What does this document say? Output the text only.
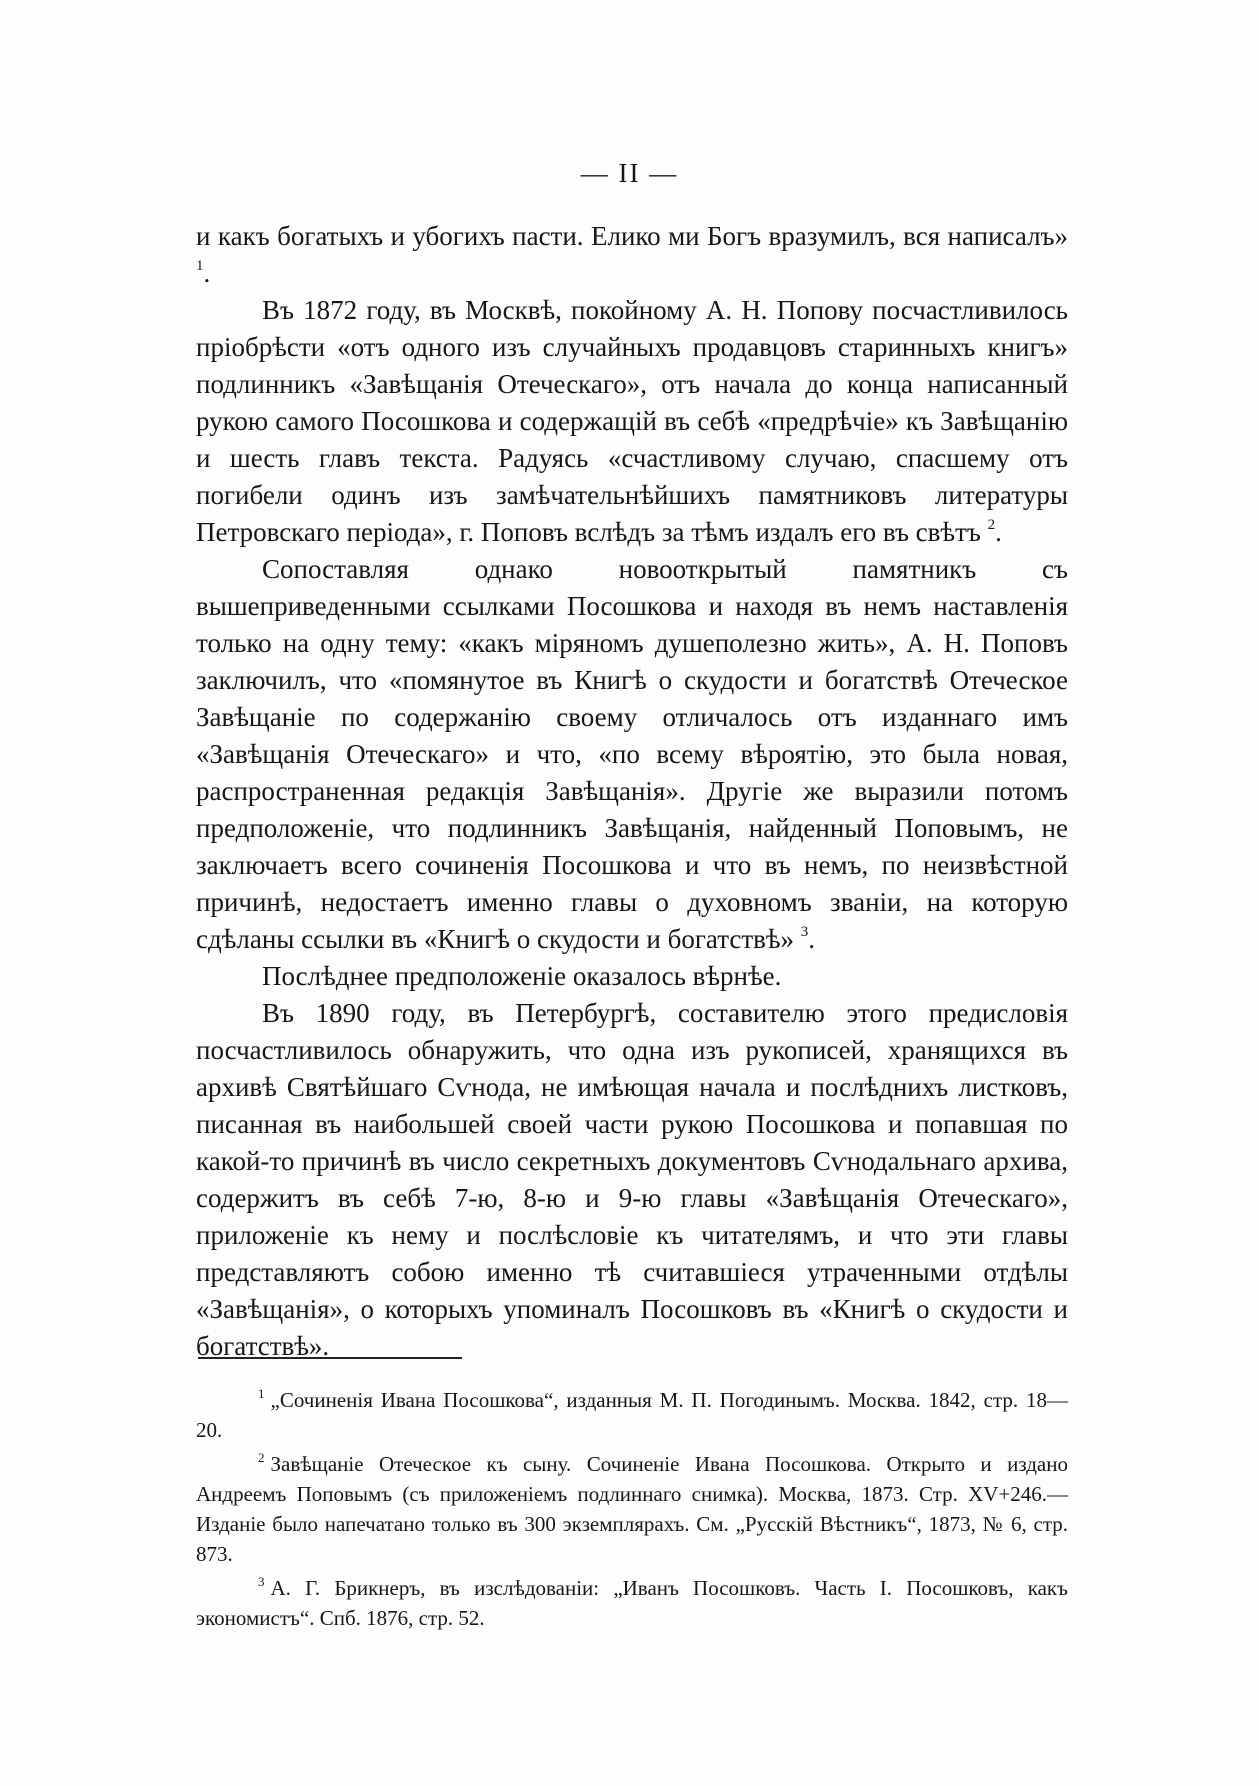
— II —

и какъ богатыхъ и убогихъ пасти. Елико ми Богъ вразумилъ, вся написалъ» $^1$.

Въ 1872 году, въ Москвѣ, покойному А. Н. Попову посчастливилось пріобрѣсти «отъ одного изъ случайныхъ продавцовъ старинныхъ книгъ» подлинникъ «Завѣщанія Отеческаго», отъ начала до конца написанный рукою самого Посошкова и содержащій въ себѣ «предрѣчіе» къ Завѣщанію и шесть главъ текста. Радуясь «счастливому случаю, спасшему отъ погибели одинъ изъ замѣчательнѣйшихъ памятниковъ литературы Петровскаго періода», г. Поповъ вслѣдъ за тѣмъ издалъ его въ свѣтъ $^2$.

Сопоставляя однако новооткрытый памятникъ съ вышеприведенными ссылками Посошкова и находя въ немъ наставленія только на одну тему: «какъ міряномъ душеполезно жить», А. Н. Поповъ заключилъ, что «помянутое въ Книгѣ о скудости и богатствѣ Отеческое Завѣщаніе по содержанію своему отличалось отъ изданнаго имъ «Завѣщанія Отеческаго» и что, «по всему вѣроятію, это была новая, распространенная редакція Завѣщанія». Другіе же выразили потомъ предположеніе, что подлинникъ Завѣщанія, найденный Поповымъ, не заключаетъ всего сочиненія Посошкова и что въ немъ, по неизвѣстной причинѣ, недостаетъ именно главы о духовномъ званіи, на которую сдѣланы ссылки въ «Книгѣ о скудости и богатствѣ» $^3$.

Послѣднее предположеніе оказалось вѣрнѣе.

Въ 1890 году, въ Петербургѣ, составителю этого предисловія посчастливилось обнаружить, что одна изъ рукописей, хранящихся въ архивѣ Святѣйшаго Сѵнода, не имѣющая начала и послѣднихъ листковъ, писанная въ наибольшей своей части рукою Посошкова и попавшая по какой-то причинѣ въ число секретныхъ документовъ Сѵнодальнаго архива, содержитъ въ себѣ 7-ю, 8-ю и 9-ю главы «Завѣщанія Отеческаго», приложеніе къ нему и послѣсловіе къ читателямъ, и что эти главы представляютъ собою именно тѣ считавшіеся утраченными отдѣлы «Завѣщанія», о которыхъ упоминалъ Посошковъ въ «Книгѣ о скудости и богатствѣ».

$^1$ „Сочиненія Ивана Посошкова“, изданныя М. П. Погодинымъ. Москва. 1842, стр. 18—20.

$^2$ Завѣщаніе Отеческое къ сыну. Сочиненіе Ивана Посошкова. Открыто и издано Андреемъ Поповымъ (съ приложеніемъ подлиннаго снимка). Москва, 1873. Стр. XV+246.—Изданіе было напечатано только въ 300 экземплярахъ. См. „Русскій Вѣстникъ“, 1873, № 6, стр. 873.

$^3$ А. Г. Брикнеръ, въ изслѣдованіи: „Иванъ Посошковъ. Часть I. Посошковъ, какъ экономистъ“. Спб. 1876, стр. 52.
